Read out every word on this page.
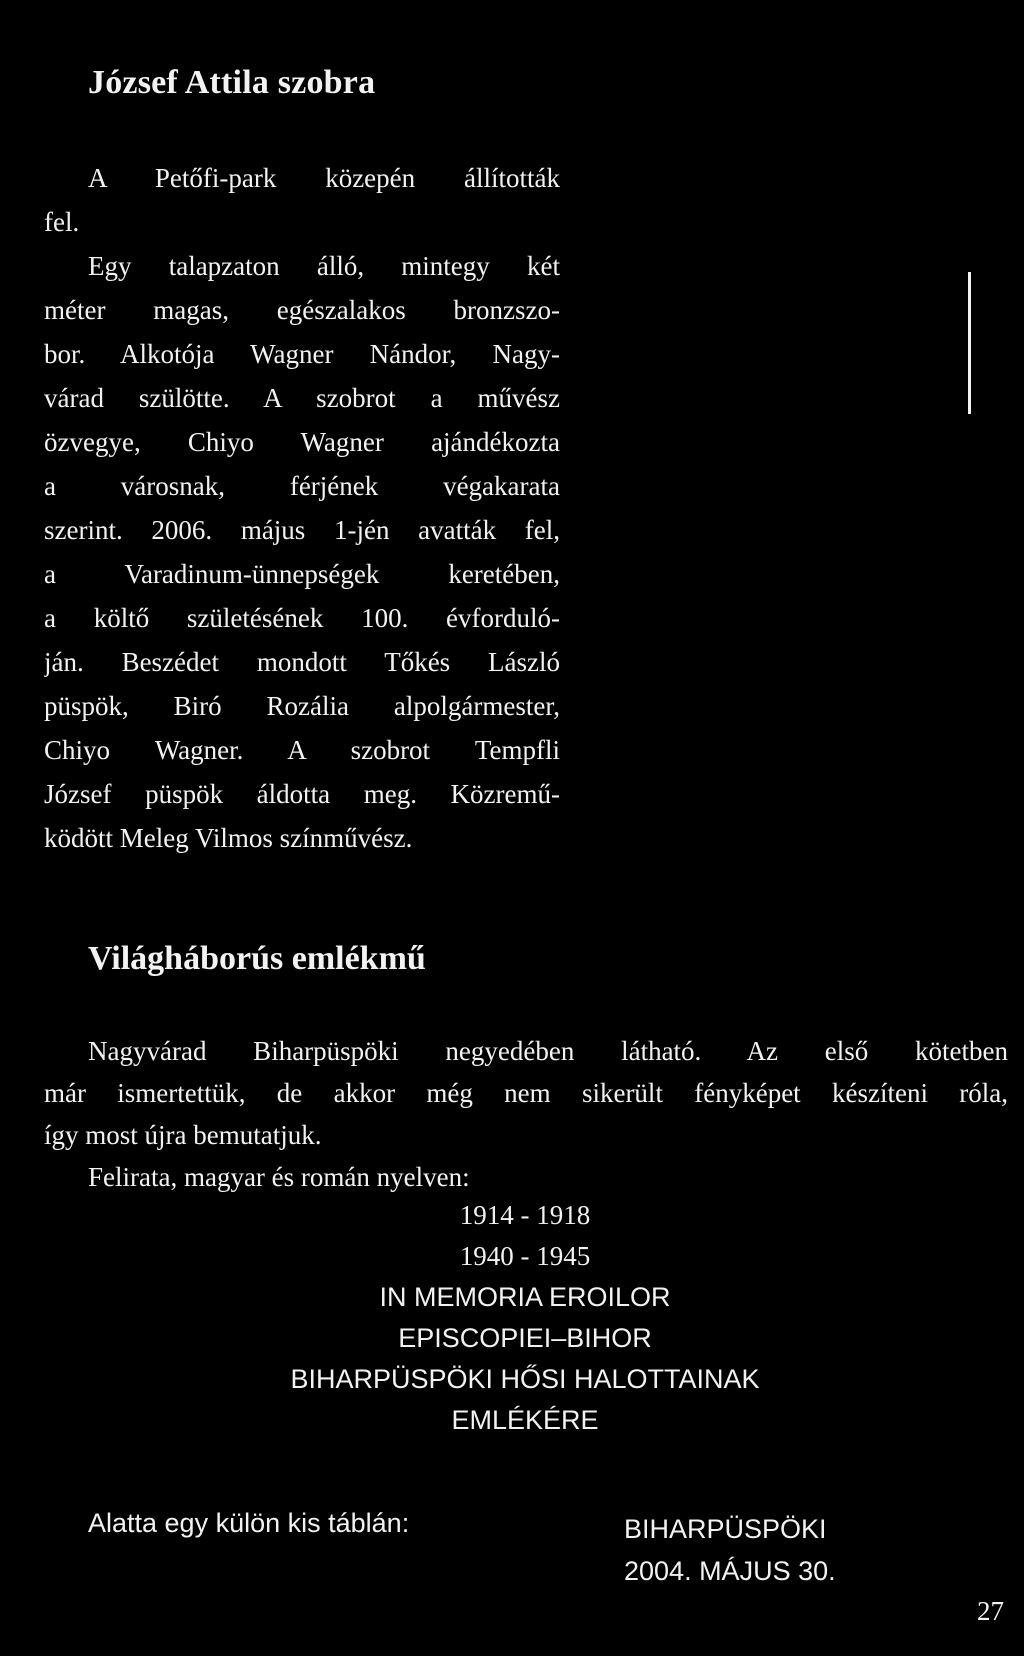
József Attila szobra

A Petőfi-park közepén állították
fel.

Egy talapzaton álló, mintegy két
méter magas, egészalakos bronzszo-
bor. Alkotója Wagner Nándor, Nagy-
várad szülötte. A szobrot a művész
özvegye, Chiyo Wagner ajándékozta
a városnak, férjének végakarata
szerint. 2006. május 1-jén avatták fel,
a Varadinum-ünnepségek keretében,
a költő születésének 100. évforduló-
ján. Beszédet mondott Tőkés László
püspök, Biró Rozália alpolgármester,
Chiyo Wagner. A szobrot Tempfli
József püspök áldotta meg. Közremű-
ködött Meleg Vilmos színművész.

Világháborús emlékmű

Nagyvárad Biharpüspöki negyedében látható. Az első kötetben
már ismertettük, de akkor még nem sikerült fényképet készíteni róla,
így most újra bemutatjuk.
Felirata, magyar és román nyelven:

1914 - 1918
1940 - 1945
IN MEMORIA EROILOR
EPISCOPIEI–BIHOR
BIHARPÜSPÖKI HŐSI HALOTTAINAK
EMLÉKÉRE
Alatta egy külön kis táblán:	BIHARPÜSPÖKI
2004. MÁJUS 30.
27
